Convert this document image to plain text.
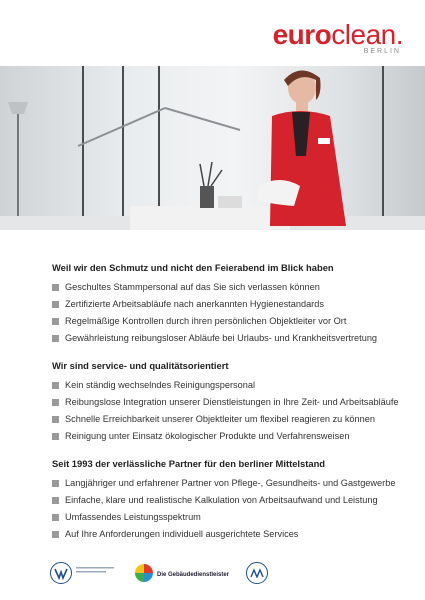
euroclean.
BERLIN
Weil wir den Schmutz und nicht den Feierabend im Blick haben
Geschultes Stammpersonal auf das Sie sich verlassen können
Zertifizierte Arbeitsabläufe nach anerkannten Hygienestandards
Regelmäßige Kontrollen durch ihren persönlichen Objektleiter vor Ort
Gewährleistung reibungsloser Abläufe bei Urlaubs- und Krankheitsvertretung
Wir sind service- und qualitätsorientiert
Kein ständig wechselndes Reinigungspersonal
Reibungslose Integration unserer Dienstleistungen in Ihre Zeit- und Arbeitsabläufe
Schnelle Erreichbarkeit unserer Objektleiter um flexibel reagieren zu können
Reinigung unter Einsatz ökologischer Produkte und Verfahrensweisen
Seit 1993 der verlässliche Partner für den berliner Mittelstand
Langjähriger und erfahrener Partner von Pflege-, Gesundheits- und Gastgewerbe
Einfache, klare und realistische Kalkulation von Arbeitsaufwand und Leistung
Umfassendes Leistungsspektrum
Auf Ihre Anforderungen individuell ausgerichtete Services
Die Gebäudedienstleister
